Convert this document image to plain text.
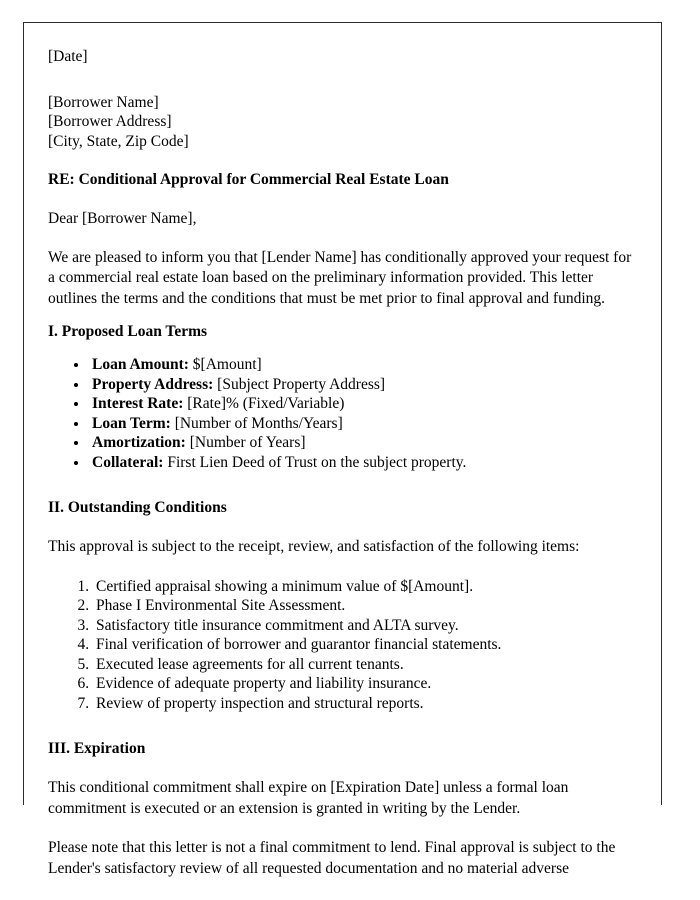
[Date]
[Borrower Name]
[Borrower Address]
[City, State, Zip Code]
RE: Conditional Approval for Commercial Real Estate Loan
Dear [Borrower Name],

We are pleased to inform you that [Lender Name] has conditionally approved your request for a commercial real estate loan based on the preliminary information provided. This letter outlines the terms and the conditions that must be met prior to final approval and funding.

I. Proposed Loan Terms
• Loan Amount: $[Amount]
• Property Address: [Subject Property Address]
• Interest Rate: [Rate]% (Fixed/Variable)
• Loan Term: [Number of Months/Years]
• Amortization: [Number of Years]
• Collateral: First Lien Deed of Trust on the subject property.
II. Outstanding Conditions

This approval is subject to the receipt, review, and satisfaction of the following items:

1. Certified appraisal showing a minimum value of $[Amount].
2. Phase I Environmental Site Assessment.
3. Satisfactory title insurance commitment and ALTA survey.
4. Final verification of borrower and guarantor financial statements.
5. Executed lease agreements for all current tenants.
6. Evidence of adequate property and liability insurance.
7. Review of property inspection and structural reports.
III. Expiration

This conditional commitment shall expire on [Expiration Date] unless a formal loan commitment is executed or an extension is granted in writing by the Lender.

Please note that this letter is not a final commitment to lend. Final approval is subject to the Lender's satisfactory review of all requested documentation and no material adverse
